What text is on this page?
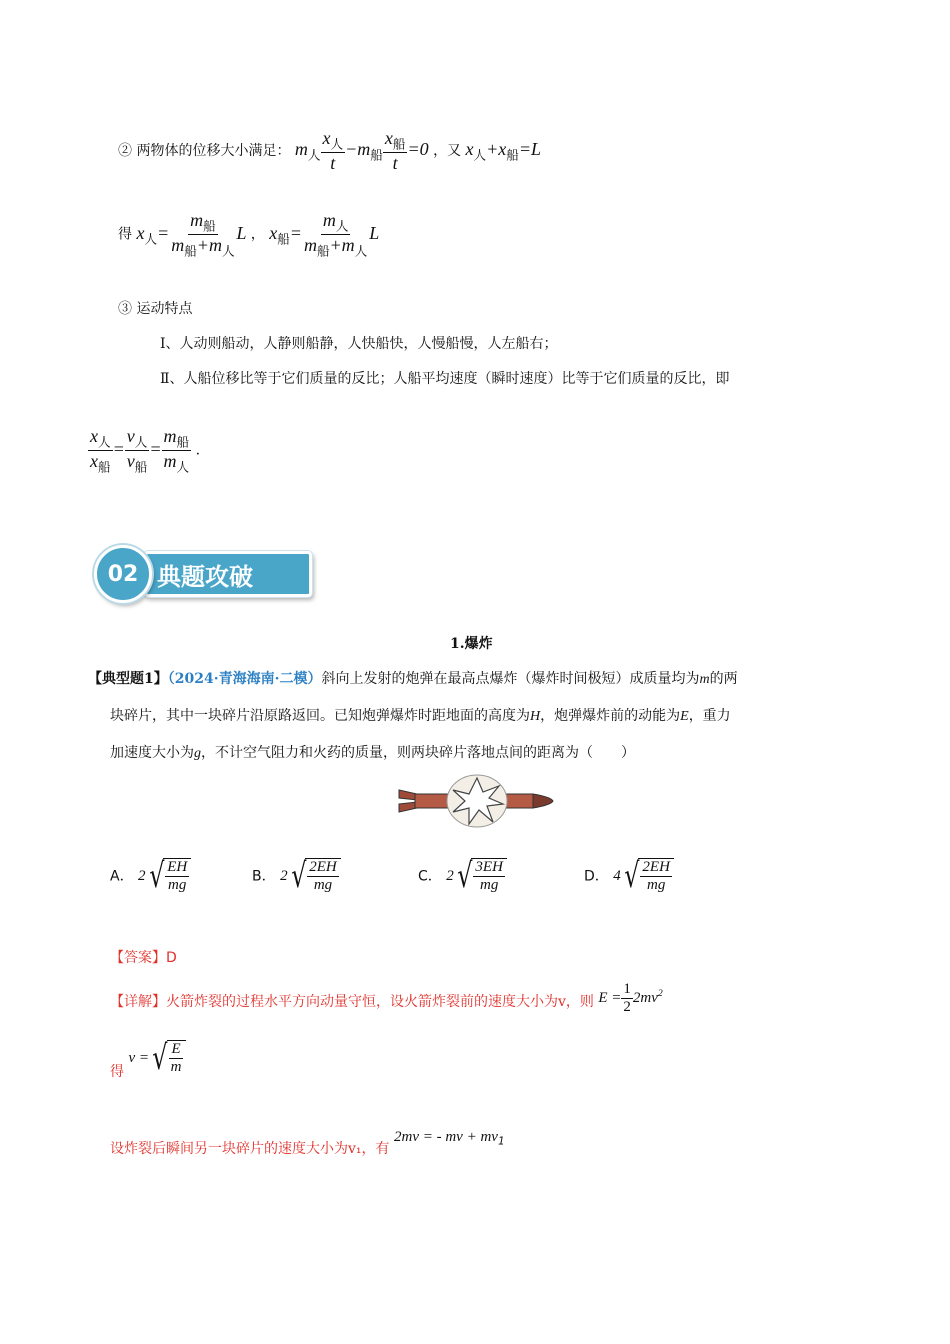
② 两物体的位移大小满足： $m_人 \frac{x_人}{t} -m_船 \frac{x_船}{t} =0$ ，又 $x_人+x_船=L$
得 $x_人= \frac{m_船}{m_船+m_人}$ L ， $x_船= \frac{m_人}{m_船+m_人}$ L
③ 运动特点
Ⅰ、人动则船动，人静则船静，人快船快，人慢船慢，人左船右；
Ⅱ、人船位移比等于它们质量的反比；人船平均速度（瞬时速度）比等于它们质量的反比，即
$\frac{x_人}{x_船} = \frac{v_人}{v_船} = \frac{m_船}{m_人}$ .
典题攻破
02
1.爆炸
【典型题1】（2024·青海海南·二模）斜向上发射的炮弹在最高点爆炸（爆炸时间极短）成质量均为m的两
块碎片，其中一块碎片沿原路返回。已知炮弹爆炸时距地面的高度为H，炮弹爆炸前的动能为E，重力
加速度大小为g，不计空气阻力和火药的质量，则两块碎片落地点间的距离为（　　）
A． 2 √ $\frac{EH}{mg}$	B． 2 √ $\frac{2EH}{mg}$	C． 2 √ $\frac{3EH}{mg}$	D． 4 √ $\frac{2EH}{mg}$
【答案】D
【详解】火箭炸裂的过程水平方向动量守恒，设火箭炸裂前的速度大小为v，则 $E = \frac{1}{2} 2mv^2$
得 v = √ $\frac{E}{m}$
设炸裂后瞬间另一块碎片的速度大小为v₁，有 2mv = - mv + $mv_1$
